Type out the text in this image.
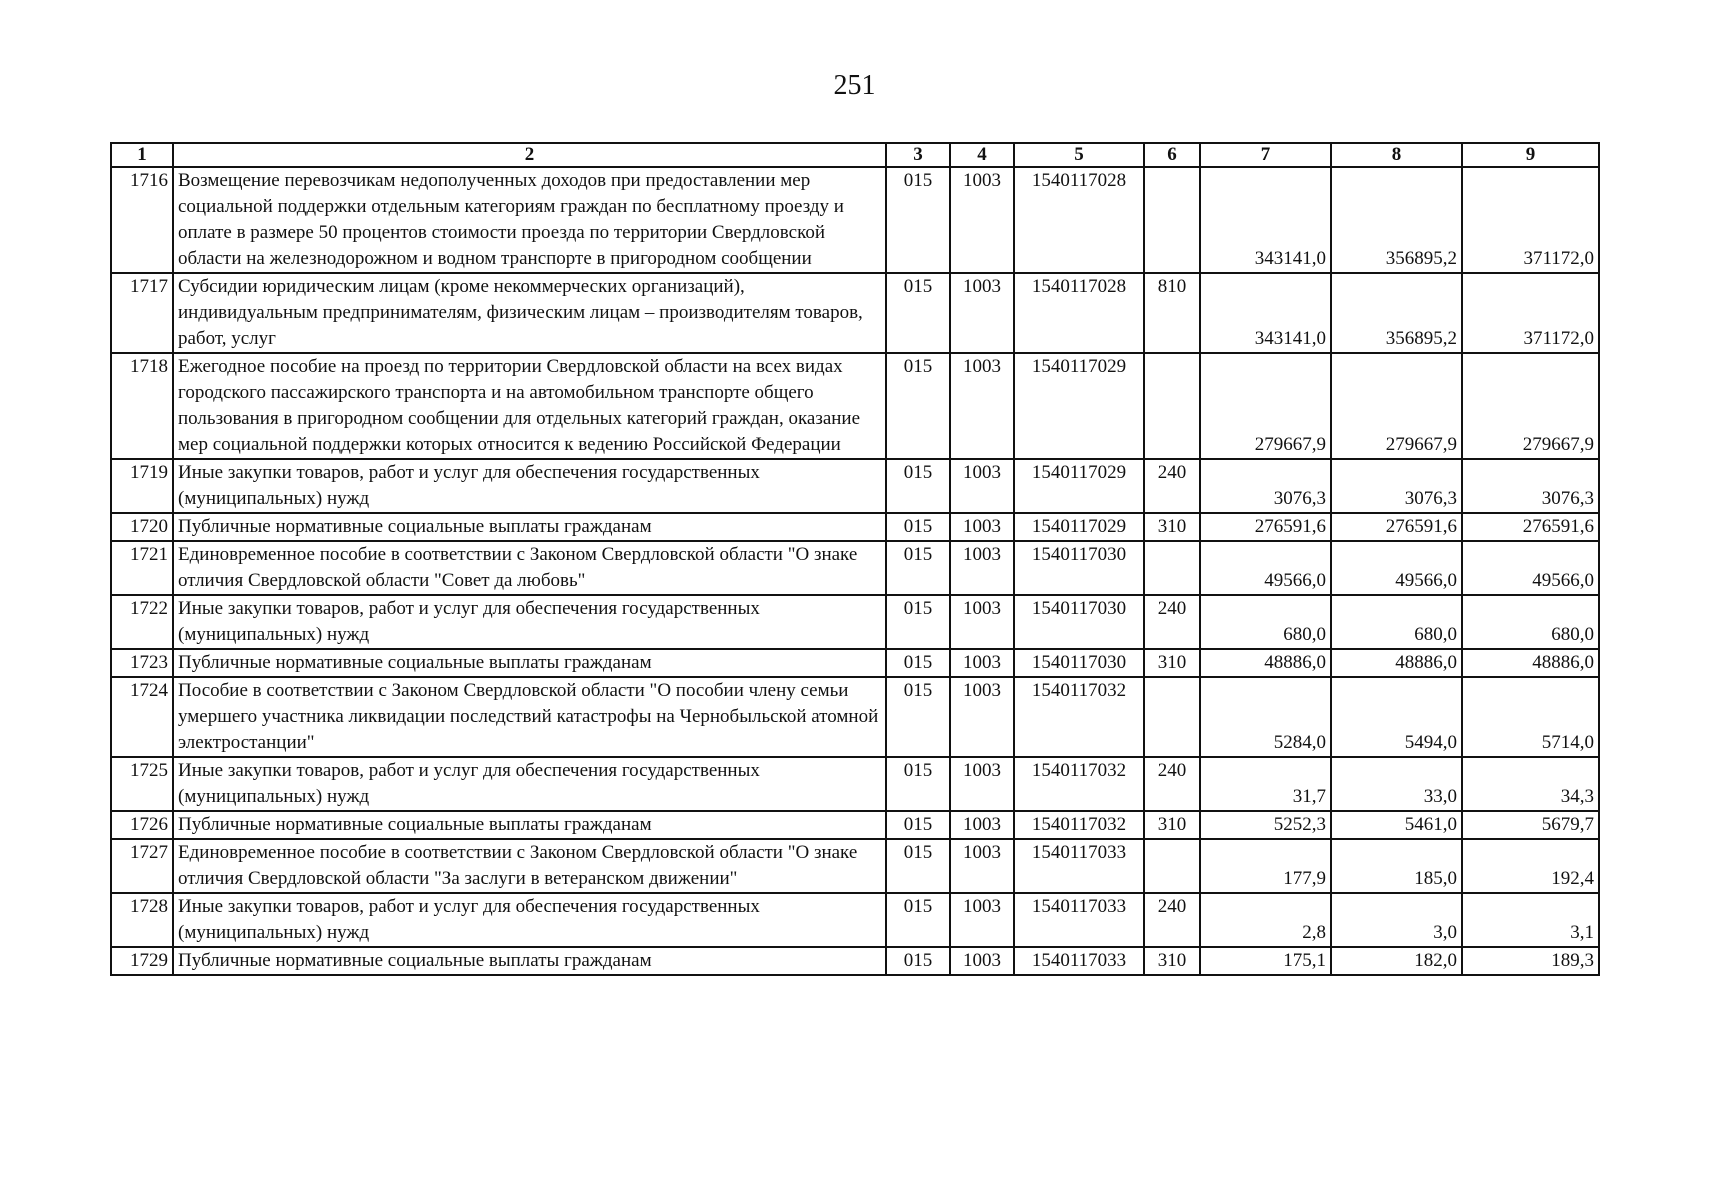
251
1	2	3	4	5	6	7	8	9
1716	Возмещение перевозчикам недополученных доходов при предоставлении мер социальной поддержки отдельным категориям граждан по бесплатному проезду и оплате в размере 50 процентов стоимости проезда по территории Свердловской области на железнодорожном и водном транспорте в пригородном сообщении	015	1003	1540117028		343141,0	356895,2	371172,0
1717	Субсидии юридическим лицам (кроме некоммерческих организаций), индивидуальным предпринимателям, физическим лицам – производителям товаров, работ, услуг	015	1003	1540117028	810	343141,0	356895,2	371172,0
1718	Ежегодное пособие на проезд по территории Свердловской области на всех видах городского пассажирского транспорта и на автомобильном транспорте общего пользования в пригородном сообщении для отдельных категорий граждан, оказание мер социальной поддержки которых относится к ведению Российской Федерации	015	1003	1540117029		279667,9	279667,9	279667,9
1719	Иные закупки товаров, работ и услуг для обеспечения государственных (муниципальных) нужд	015	1003	1540117029	240	3076,3	3076,3	3076,3
1720	Публичные нормативные социальные выплаты гражданам	015	1003	1540117029	310	276591,6	276591,6	276591,6
1721	Единовременное пособие в соответствии с Законом Свердловской области "О знаке отличия Свердловской области "Совет да любовь"	015	1003	1540117030		49566,0	49566,0	49566,0
1722	Иные закупки товаров, работ и услуг для обеспечения государственных (муниципальных) нужд	015	1003	1540117030	240	680,0	680,0	680,0
1723	Публичные нормативные социальные выплаты гражданам	015	1003	1540117030	310	48886,0	48886,0	48886,0
1724	Пособие в соответствии с Законом Свердловской области "О пособии члену семьи умершего участника ликвидации последствий катастрофы на Чернобыльской атомной электростанции"	015	1003	1540117032		5284,0	5494,0	5714,0
1725	Иные закупки товаров, работ и услуг для обеспечения государственных (муниципальных) нужд	015	1003	1540117032	240	31,7	33,0	34,3
1726	Публичные нормативные социальные выплаты гражданам	015	1003	1540117032	310	5252,3	5461,0	5679,7
1727	Единовременное пособие в соответствии с Законом Свердловской области "О знаке отличия Свердловской области "За заслуги в ветеранском движении"	015	1003	1540117033		177,9	185,0	192,4
1728	Иные закупки товаров, работ и услуг для обеспечения государственных (муниципальных) нужд	015	1003	1540117033	240	2,8	3,0	3,1
1729	Публичные нормативные социальные выплаты гражданам	015	1003	1540117033	310	175,1	182,0	189,3
